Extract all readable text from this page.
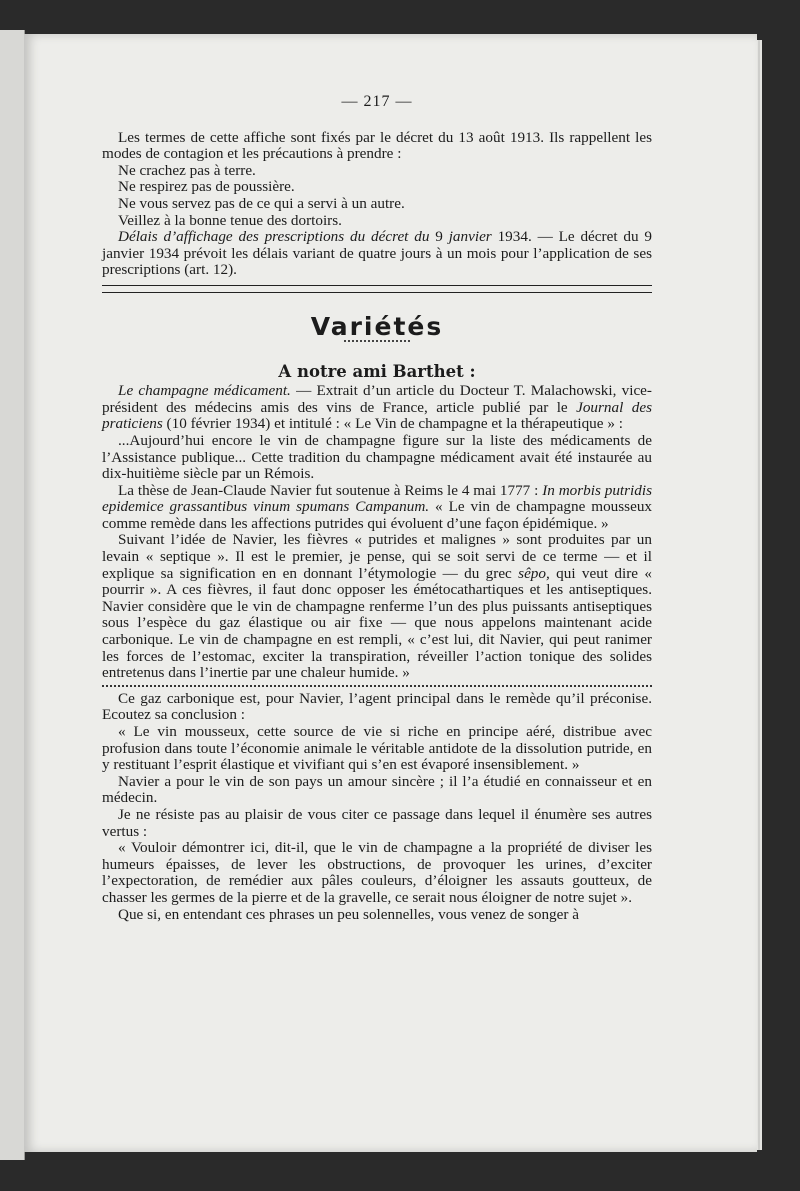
— 217 —

Les termes de cette affiche sont fixés par le décret du 13 août 1913. Ils rappellent les modes de contagion et les précautions à prendre :

Ne crachez pas à terre.

Ne respirez pas de poussière.

Ne vous servez pas de ce qui a servi à un autre.

Veillez à la bonne tenue des dortoirs.

Délais d’affichage des prescriptions du décret du 9 janvier 1934. — Le décret du 9 janvier 1934 prévoit les délais variant de quatre jours à un mois pour l’application de ses prescriptions (art. 12).

Variétés
A notre ami Barthet :

Le champagne médicament. — Extrait d’un article du Docteur T. Malachowski, vice-président des médecins amis des vins de France, article publié par le Journal des praticiens (10 février 1934) et intitulé : « Le Vin de champagne et la thérapeutique » :

...Aujourd’hui encore le vin de champagne figure sur la liste des médicaments de l’Assistance publique... Cette tradition du champagne médicament avait été instaurée au dix-huitième siècle par un Rémois.

La thèse de Jean-Claude Navier fut soutenue à Reims le 4 mai 1777 : In morbis putridis epidemice grassantibus vinum spumans Campanum. « Le vin de champagne mousseux comme remède dans les affections putrides qui évoluent d’une façon épidémique. »

Suivant l’idée de Navier, les fièvres « putrides et malignes » sont produites par un levain « septique ». Il est le premier, je pense, qui se soit servi de ce terme — et il explique sa signification en en donnant l’étymologie — du grec sêpo, qui veut dire « pourrir ». A ces fièvres, il faut donc opposer les émétocathartiques et les antiseptiques. Navier considère que le vin de champagne renferme l’un des plus puissants antiseptiques sous l’espèce du gaz élastique ou air fixe — que nous appelons maintenant acide carbonique. Le vin de champagne en est rempli, « c’est lui, dit Navier, qui peut ranimer les forces de l’estomac, exciter la transpiration, réveiller l’action tonique des solides entretenus dans l’inertie par une chaleur humide. »

Ce gaz carbonique est, pour Navier, l’agent principal dans le remède qu’il préconise. Ecoutez sa conclusion :

« Le vin mousseux, cette source de vie si riche en principe aéré, distribue avec profusion dans toute l’économie animale le véritable antidote de la dissolution putride, en y restituant l’esprit élastique et vivifiant qui s’en est évaporé insensiblement. »

Navier a pour le vin de son pays un amour sincère ; il l’a étudié en connaisseur et en médecin.

Je ne résiste pas au plaisir de vous citer ce passage dans lequel il énumère ses autres vertus :

« Vouloir démontrer ici, dit-il, que le vin de champagne a la propriété de diviser les humeurs épaisses, de lever les obstructions, de provoquer les urines, d’exciter l’expectoration, de remédier aux pâles couleurs, d’éloigner les assauts goutteux, de chasser les germes de la pierre et de la gravelle, ce serait nous éloigner de notre sujet ».

Que si, en entendant ces phrases un peu solennelles, vous venez de songer à
